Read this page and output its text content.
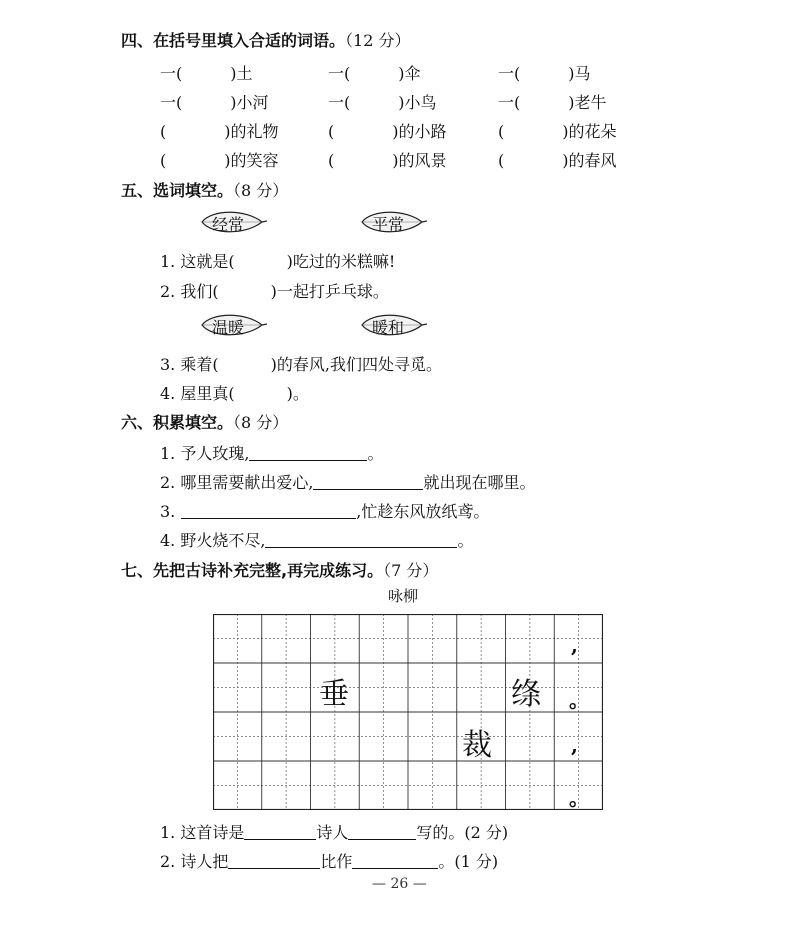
四、在括号里填入合适的词语。（12 分）
一(	)土	一(	)伞	一(	)马
一(	)小河	一(	)小鸟	一(	)老牛
(	)的礼物	(	)的小路	(	)的花朵
(	)的笑容	(	)的风景	(	)的春风
五、选词填空。（8 分）
经常	平常
1. 这就是(	)吃过的米糕嘛!
2. 我们(	)一起打乒乓球。
温暖	暖和
3. 乘着(	)的春风,我们四处寻觅。
4. 屋里真(	)。
六、积累填空。（8 分）
1. 予人玫瑰,	。
2. 哪里需要献出爱心,	就出现在哪里。
3.	,忙趁东风放纸鸢。
4. 野火烧不尽,	。
七、先把古诗补充完整,再完成练习。（7 分）
咏柳
垂	绦
裁
,
。
,
。
1. 这首诗是	诗人	写的。(2 分)
2. 诗人把	比作	。(1 分)
— 26 —
